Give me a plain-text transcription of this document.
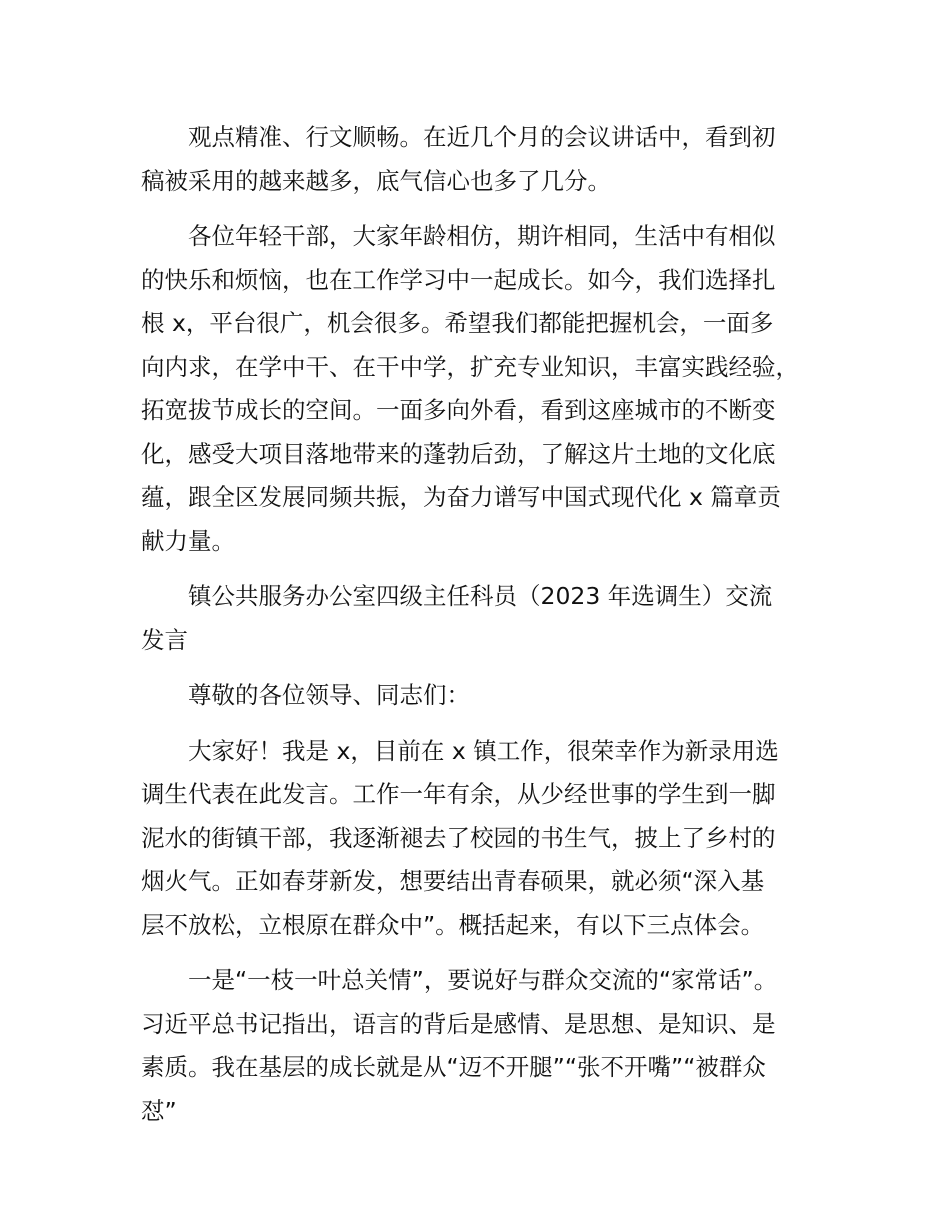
观点精准、行文顺畅。在近几个月的会议讲话中，看到初
稿被采用的越来越多，底气信心也多了几分。

各位年轻干部，大家年龄相仿，期许相同，生活中有相似
的快乐和烦恼，也在工作学习中一起成长。如今，我们选择扎
根 x，平台很广，机会很多。希望我们都能把握机会，一面多
向内求，在学中干、在干中学，扩充专业知识，丰富实践经验，
拓宽拔节成长的空间。一面多向外看，看到这座城市的不断变
化，感受大项目落地带来的蓬勃后劲，了解这片土地的文化底
蕴，跟全区发展同频共振，为奋力谱写中国式现代化 x 篇章贡
献力量。

镇公共服务办公室四级主任科员（2023 年选调生）交流
发言

尊敬的各位领导、同志们：

大家好！我是 x，目前在 x 镇工作，很荣幸作为新录用选
调生代表在此发言。工作一年有余，从少经世事的学生到一脚
泥水的街镇干部，我逐渐褪去了校园的书生气，披上了乡村的
烟火气。正如春芽新发，想要结出青春硕果，就必须“深入基
层不放松，立根原在群众中”。概括起来，有以下三点体会。

一是“一枝一叶总关情”，要说好与群众交流的“家常话”。
习近平总书记指出，语言的背后是感情、是思想、是知识、是
素质。我在基层的成长就是从“迈不开腿”“张不开嘴”“被群众
怼”
